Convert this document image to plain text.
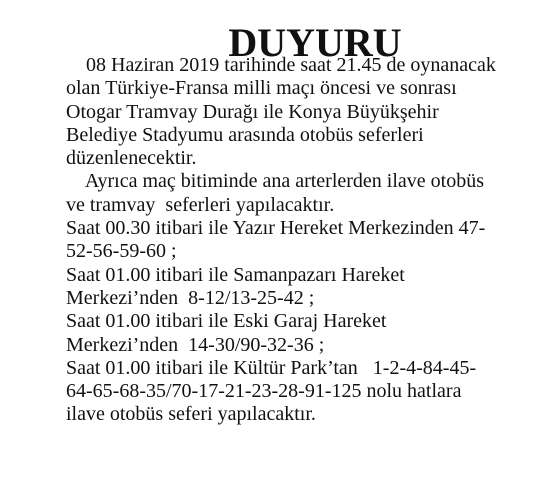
DUYURU
08 Haziran 2019 tarihinde saat 21.45 de oynanacak
olan Türkiye-Fransa milli maçı öncesi ve sonrası
Otogar Tramvay Durağı ile Konya Büyükşehir
Belediye Stadyumu arasında otobüs seferleri
düzenlenecektir.
Ayrıca maç bitiminde ana arterlerden ilave otobüs
ve tramvay  seferleri yapılacaktır.
Saat 00.30 itibari ile Yazır Hereket Merkezinden 47-
52-56-59-60 ;
Saat 01.00 itibari ile Samanpazarı Hareket
Merkezi’nden  8-12/13-25-42 ;
Saat 01.00 itibari ile Eski Garaj Hareket
Merkezi’nden  14-30/90-32-36 ;
Saat 01.00 itibari ile Kültür Park’tan   1-2-4-84-45-
64-65-68-35/70-17-21-23-28-91-125 nolu hatlara
ilave otobüs seferi yapılacaktır.
